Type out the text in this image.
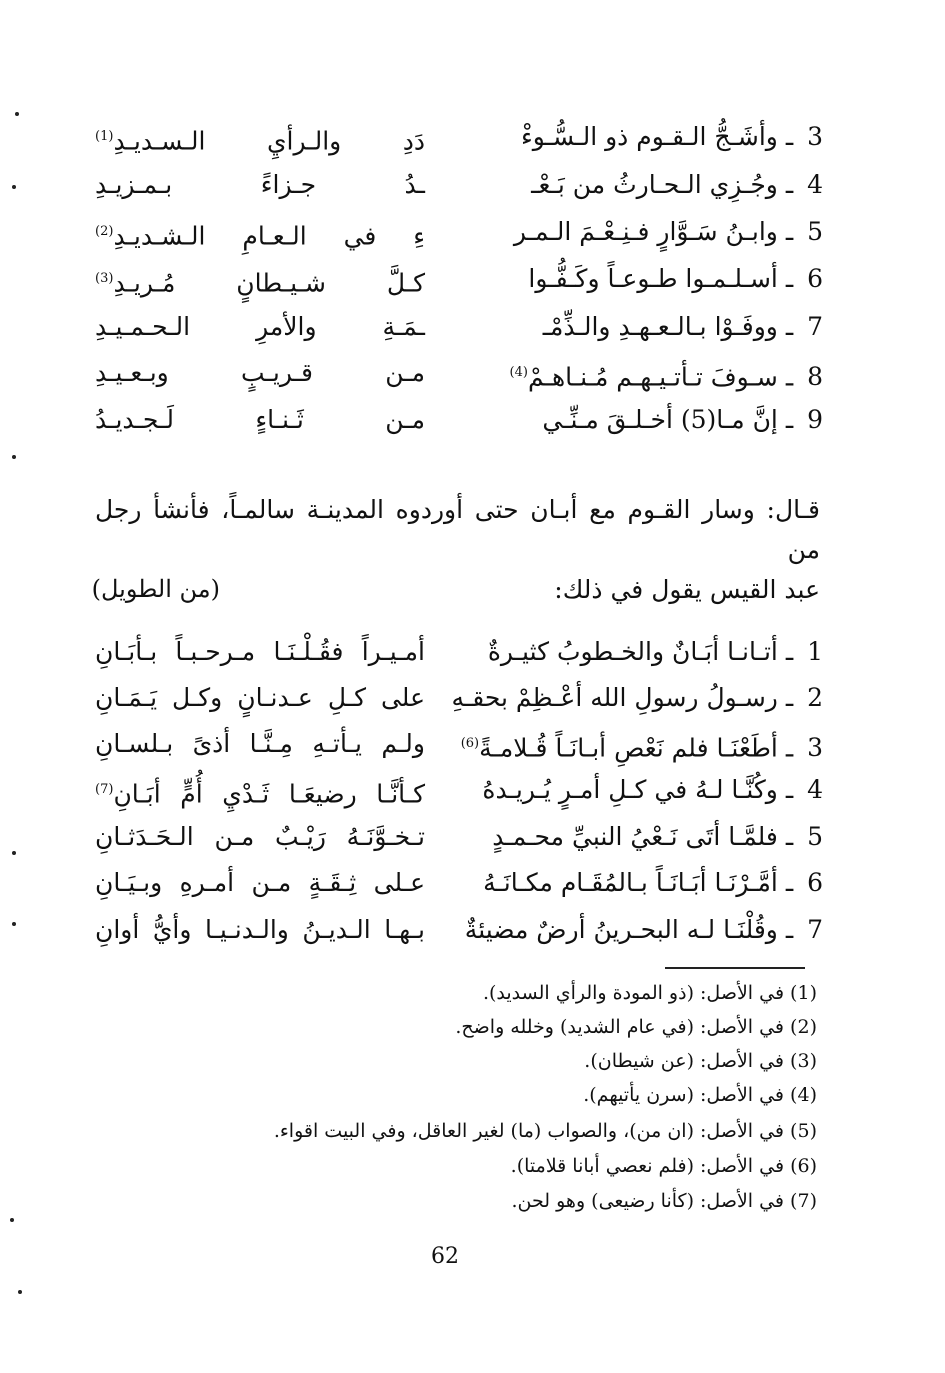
3 ـ وأشَـجُّ الـقـوم ذو الـسُّـوءْ
دَدِ والـرأيِ الـسـديـدِ$^{(1)}$
4 ـ وجُـزِي الـحـارثُ من بَـعْـ
ـدُ جـزاءً بـمـزيـدِ
5 ـ وابـنُ سَـوَّارٍ فـنِـعْـمَ الـمـر
ءِ في الـعـامِ الـشـديـدِ$^{(2)}$
6 ـ أسـلـمـوا طـوعـاً وكَـفُّـوا
كـلَّ شـيـطانٍ مُـريـدِ$^{(3)}$
7 ـ ووفَـوْا بـالـعـهـدِ والـذِّمْـ
ـمَـةِ والأمرِ الـحـمـيـدِ
8 ـ سـوفَ تـأتـيـهـم مُـنـاهـمْ$^{(4)}$
مـن قـريـبٍ وبـعـيـدِ
9 ـ إنَّ مـا(5) أخـلـقَ مـنِّـي
مـن ثَـنـاءٍ لَـجـديـدُ
قـال: وسار القـوم مع أبـان حتى أوردوه المدينـة سالمـاً، فأنشأ رجل من
عبد القيس يقول في ذلك:
(من الطويل)
1 ـ أتـانـا أبَـانٌ والخـطوبُ كثيـرةٌ
أمـيـراً فقُـلْـنَـا مـرحـبـاً بـأبَـانِ
2 ـ رسـولُ رسولِ الله أعْـظِمْ بحقـهِ
على كـلِ عـدنـانٍ وكـل يَـمَـانِ
3 ـ أطَعْنَـا فلم نَعْصِ أبـانَـاً قُـلامـةً$^{(6)}$
ولـم يـأتـهِ مِـنَّـا أذىً بـلسـانِ
4 ـ وكُنَّـا لـهُ في كـلِ أمـرٍ يُـريـدهُ
كـأنَّـا رضيعَـا ثَـدْيِ أُمٍّ أبَـانِ$^{(7)}$
5 ـ فلمَّـا أتَى نَـعْيُ النبيِّ محـمـدٍ
تـخـوَّنَـهُ رَيْـبٌ مـن الـحَـدَثـانِ
6 ـ أمَّـرْنَـا أبَـانَـاً بـالمُقَـام مكـانَـهُ
عـلى ثِـقَـةٍ مـن أمـرهِ وبـيَـانِ
7 ـ وقُلْنَـا لـه البحـرينُ أرضٌ مضيئةٌ
بـهـا الـديـنُ والـدنـيـا وأيُّ أوانِ
(1) في الأصل: (ذو المودة والرأي السديد).
(2) في الأصل: (في عام الشديد) وخلله واضح.
(3) في الأصل: (عن شيطان).
(4) في الأصل: (سرن يأتيهم).
(5) في الأصل: (ان من)، والصواب (ما) لغير العاقل، وفي البيت اقواء.
(6) في الأصل: (فلم نعصي أبانا قلامتا).
(7) في الأصل: (كأنا رضيعى) وهو لحن.
62
